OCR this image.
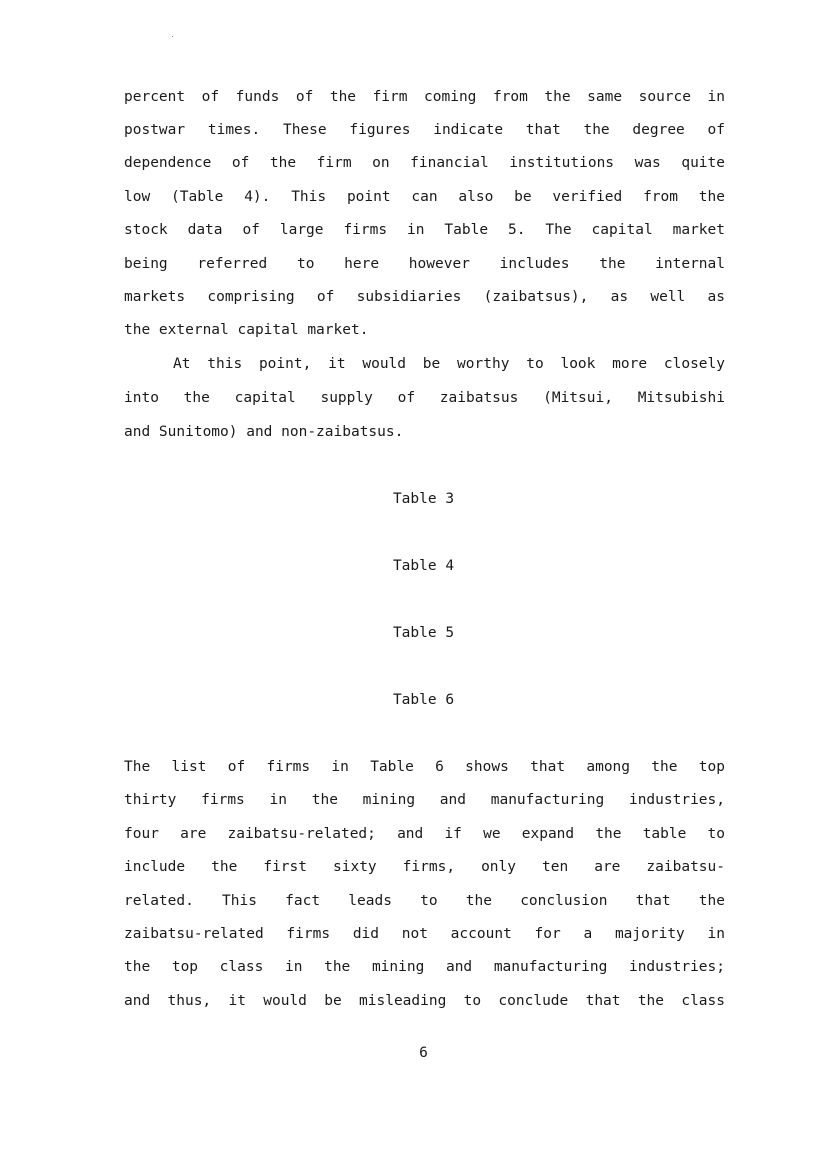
percent of funds of the firm coming from the same source in
postwar times. These figures indicate that the degree of
dependence of the firm on financial institutions was quite
low (Table 4). This point can also be verified from the
stock data of large firms in Table 5. The capital market
being referred to here however includes the internal
markets comprising of subsidiaries (zaibatsus), as well as
the external capital market.
At this point, it would be worthy to look more closely
into the capital supply of zaibatsus (Mitsui, Mitsubishi
and Sunitomo) and non-zaibatsus.
Table 3
Table 4
Table 5
Table 6
The list of firms in Table 6 shows that among the top
thirty firms in the mining and manufacturing industries,
four are zaibatsu-related; and if we expand the table to
include the first sixty firms, only ten are zaibatsu-
related. This fact leads to the conclusion that the
zaibatsu-related firms did not account for a majority in
the top class in the mining and manufacturing industries;
and thus, it would be misleading to conclude that the class
6
